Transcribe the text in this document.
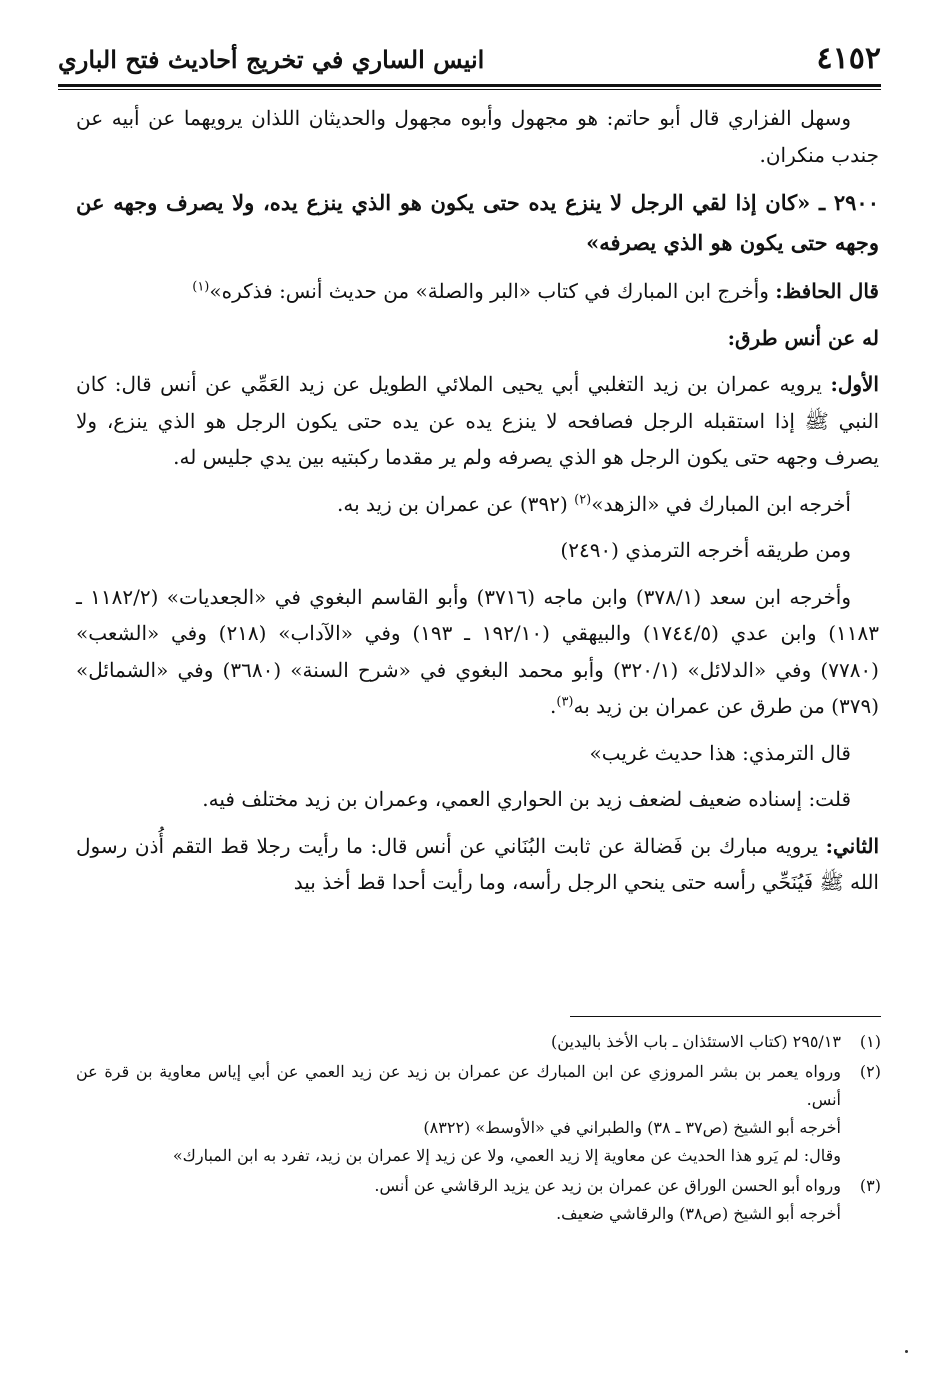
٤١٥٢
انيس الساري في تخريج أحاديث فتح الباري

وسهل الفزاري قال أبو حاتم: هو مجهول وأبوه مجهول والحديثان اللذان يرويهما عن أبيه عن جندب منكران.

٢٩٠٠ ـ «كان إذا لقي الرجل لا ينزع يده حتى يكون هو الذي ينزع يده، ولا يصرف وجهه عن وجهه حتى يكون هو الذي يصرفه»

قال الحافظ: وأخرج ابن المبارك في كتاب «البر والصلة» من حديث أنس: فذكره»$^{(١)}$

له عن أنس طرق:

الأول: يرويه عمران بن زيد التغلبي أبي يحيى الملائي الطويل عن زيد العَمِّي عن أنس قال: كان النبي ﷺ إذا استقبله الرجل فصافحه لا ينزع يده عن يده حتى يكون الرجل هو الذي ينزع، ولا يصرف وجهه حتى يكون الرجل هو الذي يصرفه ولم ير مقدما ركبتيه بين يدي جليس له.

أخرجه ابن المبارك في «الزهد»$^{(٢)}$ (٣٩٢) عن عمران بن زيد به.

ومن طريقه أخرجه الترمذي (٢٤٩٠)

وأخرجه ابن سعد (٣٧٨/١) وابن ماجه (٣٧١٦) وأبو القاسم البغوي في «الجعديات» (١١٨٢/٢ ـ ١١٨٣) وابن عدي (١٧٤٤/٥) والبيهقي (١٩٢/١٠ ـ ١٩٣) وفي «الآداب» (٢١٨) وفي «الشعب» (٧٧٨٠) وفي «الدلائل» (٣٢٠/١) وأبو محمد البغوي في «شرح السنة» (٣٦٨٠) وفي «الشمائل» (٣٧٩) من طرق عن عمران بن زيد به$^{(٣)}$.

قال الترمذي: هذا حديث غريب»

قلت: إسناده ضعيف لضعف زيد بن الحواري العمي، وعمران بن زيد مختلف فيه.

الثاني: يرويه مبارك بن فَضالة عن ثابت البُنَاني عن أنس قال: ما رأيت رجلا قط التقم أُذن رسول الله ﷺ فَيُنَحِّي رأسه حتى ينحي الرجل رأسه، وما رأيت أحدا قط أخذ بيد

(١)
٢٩٥/١٣ (كتاب الاستئذان ـ باب الأخذ باليدين)
(٢)
ورواه يعمر بن بشر المروزي عن ابن المبارك عن عمران بن زيد عن زيد العمي عن أبي إياس معاوية بن قرة عن أنس.
أخرجه أبو الشيخ (ص٣٧ ـ ٣٨) والطبراني في «الأوسط» (٨٣٢٢)
وقال: لم يَرو هذا الحديث عن معاوية إلا زيد العمي، ولا عن زيد إلا عمران بن زيد، تفرد به ابن المبارك»
(٣)
ورواه أبو الحسن الوراق عن عمران بن زيد عن يزيد الرقاشي عن أنس.
أخرجه أبو الشيخ (ص٣٨) والرقاشي ضعيف.
